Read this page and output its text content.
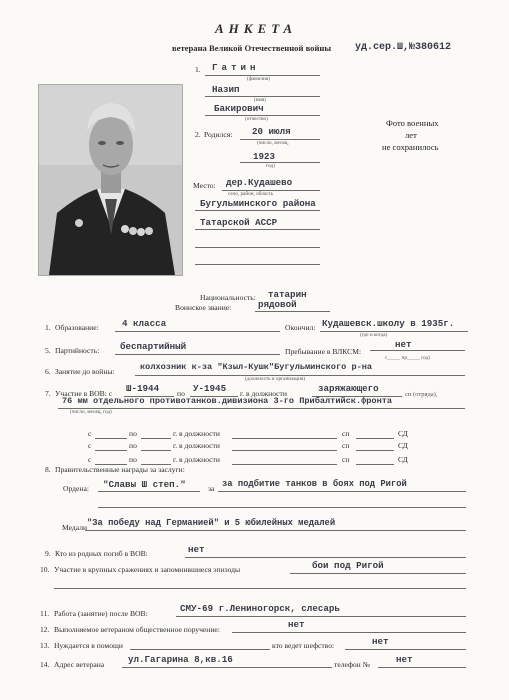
АНКЕТА
ветерана Великой Отечественной войны уд.сер.Ш,№380612
Фото военных
лет
не сохранилось
1. Гатин
(фамилия)
Назип
(имя)
Бакирович
(отчество)
2. Родился: 20 июля
(число, месяц,
1923
год)
Место: дер.Кудашево
село, район, область
Бугульминского района
Татарской АССР
Национальность: татарин
Воинское звание:	рядовой
1. Образование:	4 класса	Окончил: Кудашевск.школу в 1935г.
(где и когда)
5. Партийность: беспартийный	Пребывание в ВЛКСМ:
нет
с_____ пр_____ год)
6. Занятие до войны:	колхозник к-за "Кзыл-Кушк"Бугульминского р-на
(должность и организация)
7. Участие в ВОВ: с Ш-1944 по У-1945 г. в должности	заряжающего
сп (отряда),
76 мм отдельного противотанков.дивизиона 3-го Прибалтийск.фронта
(число, месяц, год)
с	по	г. в должности	сп	СД
с	по	г. в должности	сп	СД
с	по	г. в должности	сп	СД
8. Правительственные награды за заслуги:
Ордена: "Славы Ш степ."	за за подбитие танков в боях под Ригой
Медали "За победу над Германией" и 5 юбилейных медалей
9. Кто из родных погиб в ВОВ:	нет
10. Участие в крупных сражениях и запомнившиеся эпизоды	бои под Ригой
11. Работа (занятие) после ВОВ:	СМУ-69 г.Лениногорск, слесарь
12. Выполняемое ветераном общественное поручение:	нет
13. Нуждается в помощи	кто ведет шефство:	нет
14. Адрес ветерана	ул.Гагарина 8,кв.16	телефон №	нет
